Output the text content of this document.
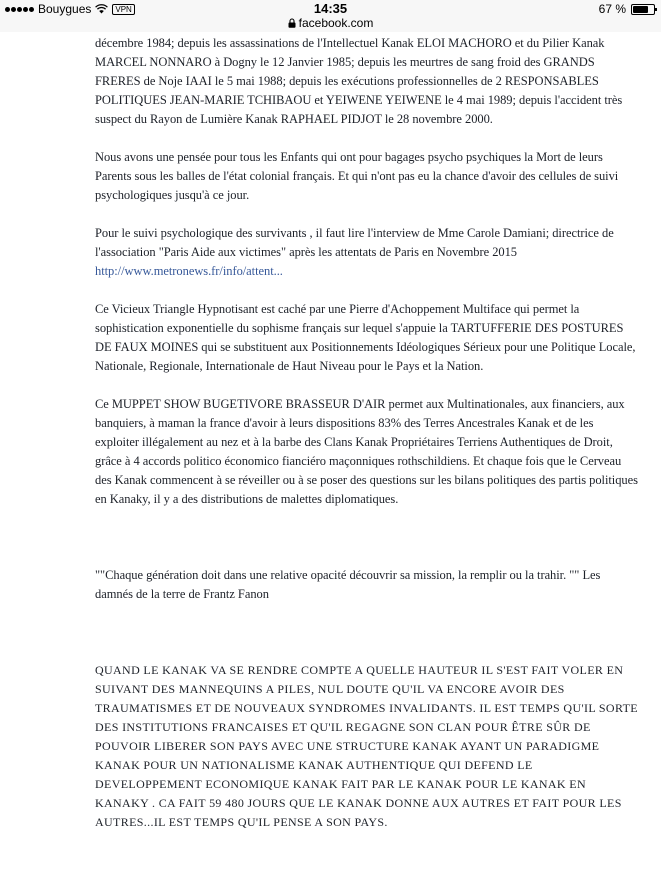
Bouygues	VPN	14:35	67 %
facebook.com

décembre 1984; depuis les assassinations de l'Intellectuel Kanak ELOI MACHORO et du Pilier Kanak MARCEL NONNARO à Dogny le 12 Janvier 1985; depuis les meurtres de sang froid des GRANDS FRERES de Noje IAAI le 5 mai 1988; depuis les exécutions professionnelles de 2 RESPONSABLES POLITIQUES JEAN-MARIE TCHIBAOU et YEIWENE YEIWENE le 4 mai 1989; depuis l'accident très suspect du Rayon de Lumière Kanak RAPHAEL PIDJOT le 28 novembre 2000.

Nous avons une pensée pour tous les Enfants qui ont pour bagages psycho psychiques la Mort de leurs Parents sous les balles de l'état colonial français. Et qui n'ont pas eu la chance d'avoir des cellules de suivi psychologiques jusqu'à ce jour.

Pour le suivi psychologique des survivants , il faut lire l'interview de Mme Carole Damiani; directrice de l'association "Paris Aide aux victimes" après les attentats de Paris en Novembre 2015 http://www.metronews.fr/info/attent...

Ce Vicieux Triangle Hypnotisant est caché par une Pierre d'Achoppement Multiface qui permet la sophistication exponentielle du sophisme français sur lequel s'appuie la TARTUFFERIE DES POSTURES DE FAUX MOINES qui se substituent aux Positionnements Idéologiques Sérieux pour une Politique Locale, Nationale, Regionale, Internationale de Haut Niveau pour le Pays et la Nation.

Ce MUPPET SHOW BUGETIVORE BRASSEUR D'AIR permet aux Multinationales, aux financiers, aux banquiers, à maman la france d'avoir à leurs dispositions 83% des Terres Ancestrales Kanak et de les exploiter illégalement au nez et à la barbe des Clans Kanak Propriétaires Terriens Authentiques de Droit, grâce à 4 accords politico économico fianciéro maçonniques rothschildiens. Et chaque fois que le Cerveau des Kanak commencent à se réveiller ou à se poser des questions sur les bilans politiques des partis politiques en Kanaky, il y a des distributions de malettes diplomatiques.

""Chaque génération doit dans une relative opacité découvrir sa mission, la remplir ou la trahir. "" Les damnés de la terre de Frantz Fanon

QUAND LE KANAK VA SE RENDRE COMPTE A QUELLE HAUTEUR IL S'EST FAIT VOLER EN SUIVANT DES MANNEQUINS A PILES, NUL DOUTE QU'IL VA ENCORE AVOIR DES TRAUMATISMES ET DE NOUVEAUX SYNDROMES INVALIDANTS. IL EST TEMPS QU'IL SORTE DES INSTITUTIONS FRANCAISES ET QU'IL REGAGNE SON CLAN POUR ÊTRE SÛR DE POUVOIR LIBERER SON PAYS AVEC UNE STRUCTURE KANAK AYANT UN PARADIGME KANAK POUR UN NATIONALISME KANAK AUTHENTIQUE QUI DEFEND LE DEVELOPPEMENT ECONOMIQUE KANAK FAIT PAR LE KANAK POUR LE KANAK EN KANAKY . CA FAIT 59 480 JOURS QUE LE KANAK DONNE AUX AUTRES ET FAIT POUR LES AUTRES...IL EST TEMPS QU'IL PENSE A SON PAYS.
